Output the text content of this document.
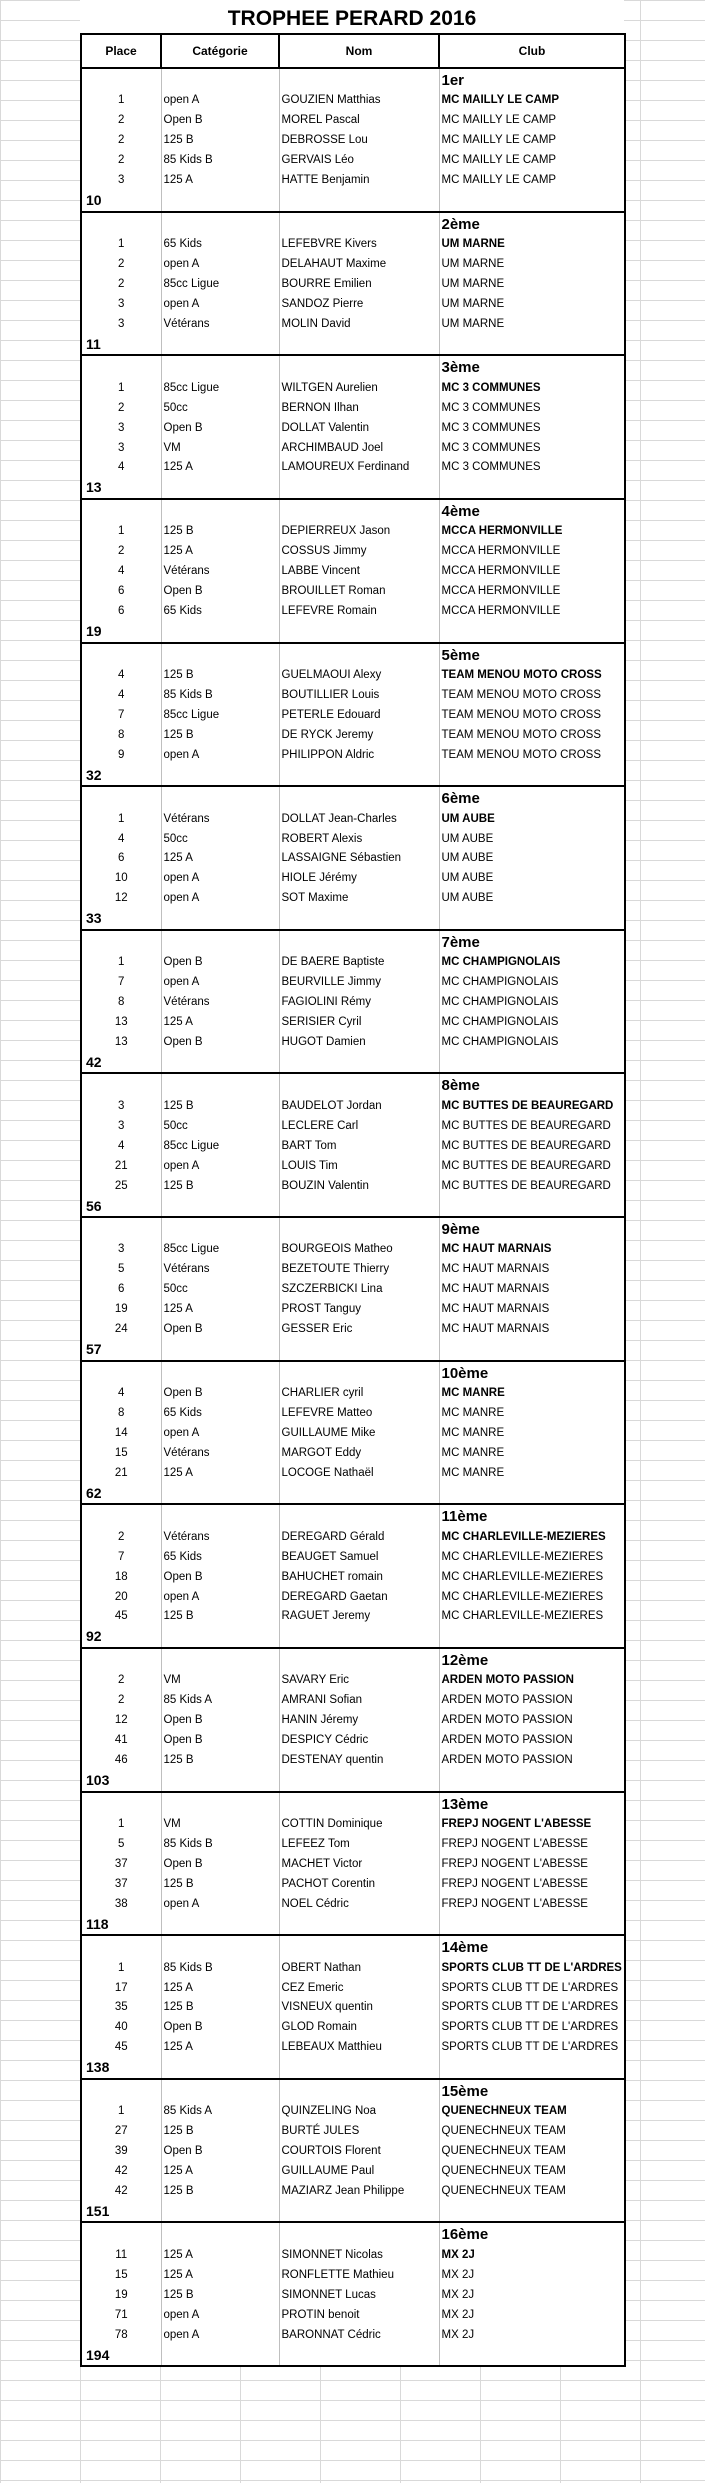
TROPHEE PERARD 2016
Place	Catégorie	Nom	Club
			1er
1	open A	GOUZIEN Matthias	MC MAILLY LE CAMP
2	Open B	MOREL Pascal	MC MAILLY LE CAMP
2	125 B	DEBROSSE Lou	MC MAILLY LE CAMP
2	85 Kids B	GERVAIS Léo	MC MAILLY LE CAMP
3	125 A	HATTE Benjamin	MC MAILLY LE CAMP
10			
			2ème
1	65 Kids	LEFEBVRE Kivers	UM MARNE
2	open A	DELAHAUT Maxime	UM MARNE
2	85cc Ligue	BOURRE Emilien	UM MARNE
3	open A	SANDOZ Pierre	UM MARNE
3	Vétérans	MOLIN David	UM MARNE
11			
			3ème
1	85cc Ligue	WILTGEN Aurelien	MC 3 COMMUNES
2	50cc	BERNON Ilhan	MC 3 COMMUNES
3	Open B	DOLLAT Valentin	MC 3 COMMUNES
3	VM	ARCHIMBAUD Joel	MC 3 COMMUNES
4	125 A	LAMOUREUX Ferdinand	MC 3 COMMUNES
13			
			4ème
1	125 B	DEPIERREUX Jason	MCCA HERMONVILLE
2	125 A	COSSUS Jimmy	MCCA HERMONVILLE
4	Vétérans	LABBE Vincent	MCCA HERMONVILLE
6	Open B	BROUILLET Roman	MCCA HERMONVILLE
6	65 Kids	LEFEVRE Romain	MCCA HERMONVILLE
19			
			5ème
4	125 B	GUELMAOUI Alexy	TEAM MENOU MOTO CROSS
4	85 Kids B	BOUTILLIER Louis	TEAM MENOU MOTO CROSS
7	85cc Ligue	PETERLE Edouard	TEAM MENOU MOTO CROSS
8	125 B	DE RYCK Jeremy	TEAM MENOU MOTO CROSS
9	open A	PHILIPPON Aldric	TEAM MENOU MOTO CROSS
32			
			6ème
1	Vétérans	DOLLAT Jean-Charles	UM AUBE
4	50cc	ROBERT Alexis	UM AUBE
6	125 A	LASSAIGNE Sébastien	UM AUBE
10	open A	HIOLE Jérémy	UM AUBE
12	open A	SOT Maxime	UM AUBE
33			
			7ème
1	Open B	DE BAERE Baptiste	MC CHAMPIGNOLAIS
7	open A	BEURVILLE Jimmy	MC CHAMPIGNOLAIS
8	Vétérans	FAGIOLINI Rémy	MC CHAMPIGNOLAIS
13	125 A	SERISIER Cyril	MC CHAMPIGNOLAIS
13	Open B	HUGOT Damien	MC CHAMPIGNOLAIS
42			
			8ème
3	125 B	BAUDELOT Jordan	MC BUTTES DE BEAUREGARD
3	50cc	LECLERE Carl	MC BUTTES DE BEAUREGARD
4	85cc Ligue	BART Tom	MC BUTTES DE BEAUREGARD
21	open A	LOUIS Tim	MC BUTTES DE BEAUREGARD
25	125 B	BOUZIN Valentin	MC BUTTES DE BEAUREGARD
56			
			9ème
3	85cc Ligue	BOURGEOIS Matheo	MC HAUT MARNAIS
5	Vétérans	BEZETOUTE Thierry	MC HAUT MARNAIS
6	50cc	SZCZERBICKI Lina	MC HAUT MARNAIS
19	125 A	PROST Tanguy	MC HAUT MARNAIS
24	Open B	GESSER Eric	MC HAUT MARNAIS
57			
			10ème
4	Open B	CHARLIER cyril	MC MANRE
8	65 Kids	LEFEVRE Matteo	MC MANRE
14	open A	GUILLAUME Mike	MC MANRE
15	Vétérans	MARGOT Eddy	MC MANRE
21	125 A	LOCOGE Nathaël	MC MANRE
62			
			11ème
2	Vétérans	DEREGARD Gérald	MC CHARLEVILLE-MEZIERES
7	65 Kids	BEAUGET Samuel	MC CHARLEVILLE-MEZIERES
18	Open B	BAHUCHET romain	MC CHARLEVILLE-MEZIERES
20	open A	DEREGARD Gaetan	MC CHARLEVILLE-MEZIERES
45	125 B	RAGUET Jeremy	MC CHARLEVILLE-MEZIERES
92			
			12ème
2	VM	SAVARY Eric	ARDEN MOTO PASSION
2	85 Kids A	AMRANI Sofian	ARDEN MOTO PASSION
12	Open B	HANIN Jéremy	ARDEN MOTO PASSION
41	Open B	DESPICY Cédric	ARDEN MOTO PASSION
46	125 B	DESTENAY quentin	ARDEN MOTO PASSION
103			
			13ème
1	VM	COTTIN Dominique	FREPJ NOGENT L'ABESSE
5	85 Kids B	LEFEEZ Tom	FREPJ NOGENT L'ABESSE
37	Open B	MACHET Victor	FREPJ NOGENT L'ABESSE
37	125 B	PACHOT Corentin	FREPJ NOGENT L'ABESSE
38	open A	NOEL Cédric	FREPJ NOGENT L'ABESSE
118			
			14ème
1	85 Kids B	OBERT Nathan	SPORTS CLUB TT DE L'ARDRES
17	125 A	CEZ Emeric	SPORTS CLUB TT DE L'ARDRES
35	125 B	VISNEUX quentin	SPORTS CLUB TT DE L'ARDRES
40	Open B	GLOD Romain	SPORTS CLUB TT DE L'ARDRES
45	125 A	LEBEAUX Matthieu	SPORTS CLUB TT DE L'ARDRES
138			
			15ème
1	85 Kids A	QUINZELING Noa	QUENECHNEUX TEAM
27	125 B	BURTÉ JULES	QUENECHNEUX TEAM
39	Open B	COURTOIS Florent	QUENECHNEUX TEAM
42	125 A	GUILLAUME Paul	QUENECHNEUX TEAM
42	125 B	MAZIARZ Jean Philippe	QUENECHNEUX TEAM
151			
			16ème
11	125 A	SIMONNET Nicolas	MX 2J
15	125 A	RONFLETTE Mathieu	MX 2J
19	125 B	SIMONNET Lucas	MX 2J
71	open A	PROTIN benoit	MX 2J
78	open A	BARONNAT Cédric	MX 2J
194			
